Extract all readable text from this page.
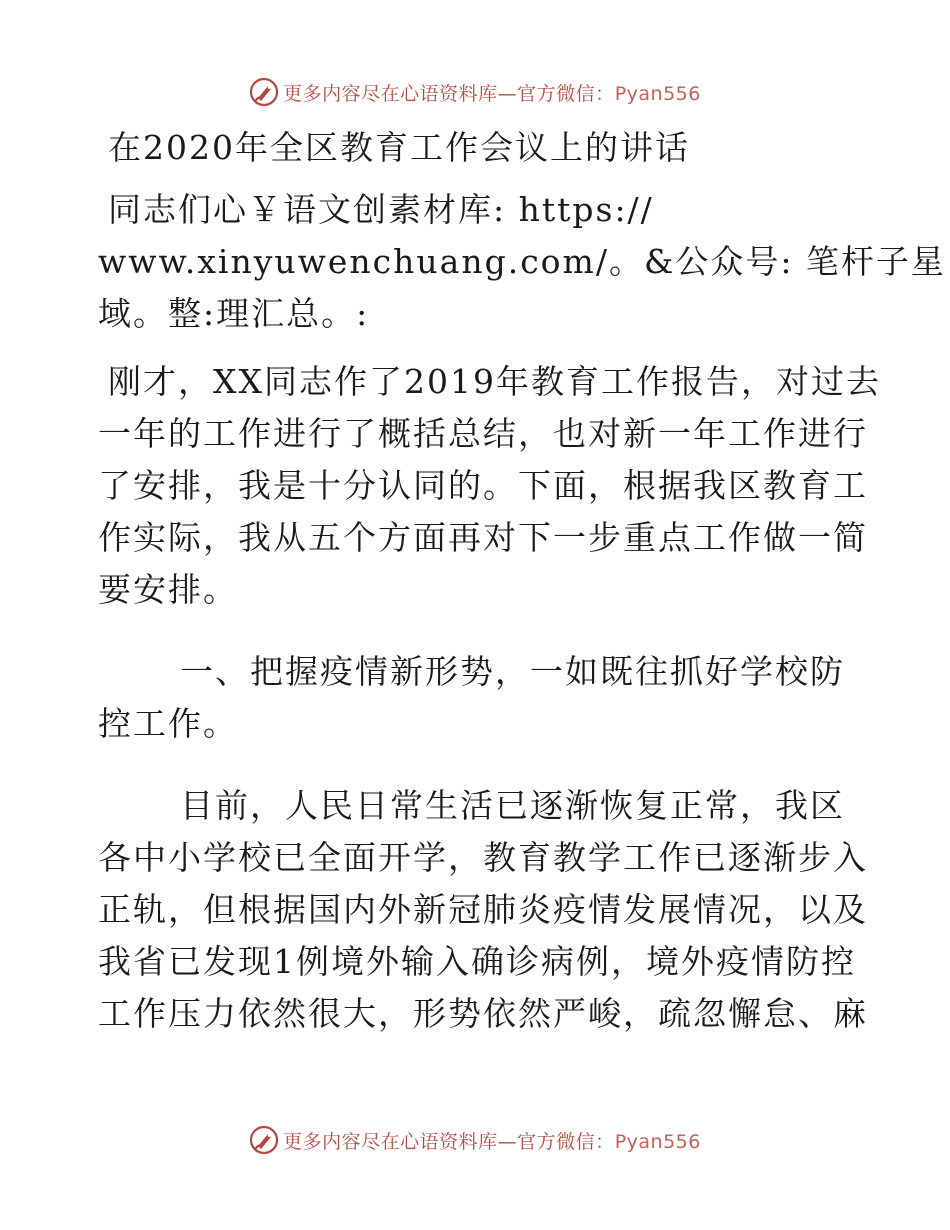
更多内容尽在心语资料库—官方微信：Pyan556
在2020年全区教育工作会议上的讲话
同志们心￥语文创素材库: https://
www.xinyuwenchuang.com/。&公众号: 笔杆子星
域。整:理汇总。:
刚才，XX同志作了2019年教育工作报告，对过去
一年的工作进行了概括总结，也对新一年工作进行
了安排，我是十分认同的。下面，根据我区教育工
作实际，我从五个方面再对下一步重点工作做一简
要安排。
一、把握疫情新形势，一如既往抓好学校防
控工作。
目前，人民日常生活已逐渐恢复正常，我区
各中小学校已全面开学，教育教学工作已逐渐步入
正轨，但根据国内外新冠肺炎疫情发展情况，以及
我省已发现1例境外输入确诊病例，境外疫情防控
工作压力依然很大，形势依然严峻，疏忽懈怠、麻
更多内容尽在心语资料库—官方微信：Pyan556
